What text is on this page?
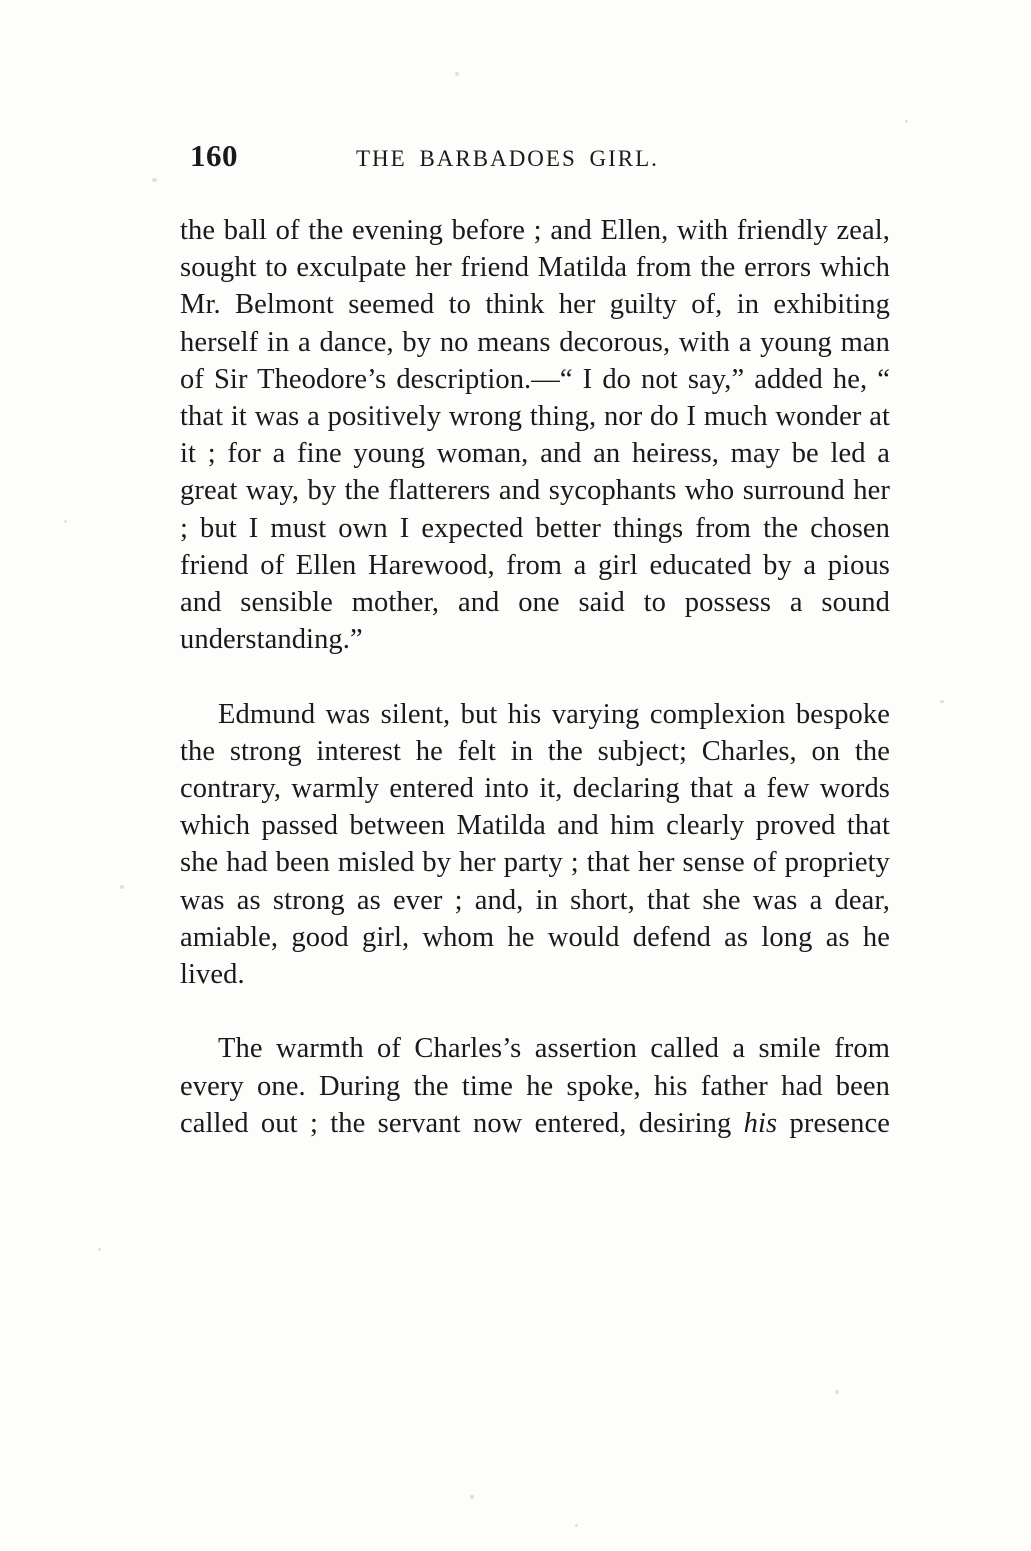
160	THE BARBADOES GIRL.

the ball of the evening before ; and Ellen, with friendly zeal, sought to exculpate her friend Matilda from the errors which Mr. Belmont seemed to think her guilty of, in exhibiting herself in a dance, by no means decorous, with a young man of Sir Theodore’s description.—“ I do not say,” added he, “ that it was a positively wrong thing, nor do I much wonder at it ; for a fine young woman, and an heiress, may be led a great way, by the flatterers and sycophants who surround her ; but I must own I expected better things from the chosen friend of Ellen Harewood, from a girl educated by a pious and sensible mother, and one said to possess a sound understanding.”

Edmund was silent, but his varying complexion bespoke the strong interest he felt in the subject; Charles, on the contrary, warmly entered into it, declaring that a few words which passed between Matilda and him clearly proved that she had been misled by her party ; that her sense of propriety was as strong as ever ; and, in short, that she was a dear, amiable, good girl, whom he would defend as long as he lived.

The warmth of Charles’s assertion called a smile from every one. During the time he spoke, his father had been called out ; the servant now entered, desiring his presence
